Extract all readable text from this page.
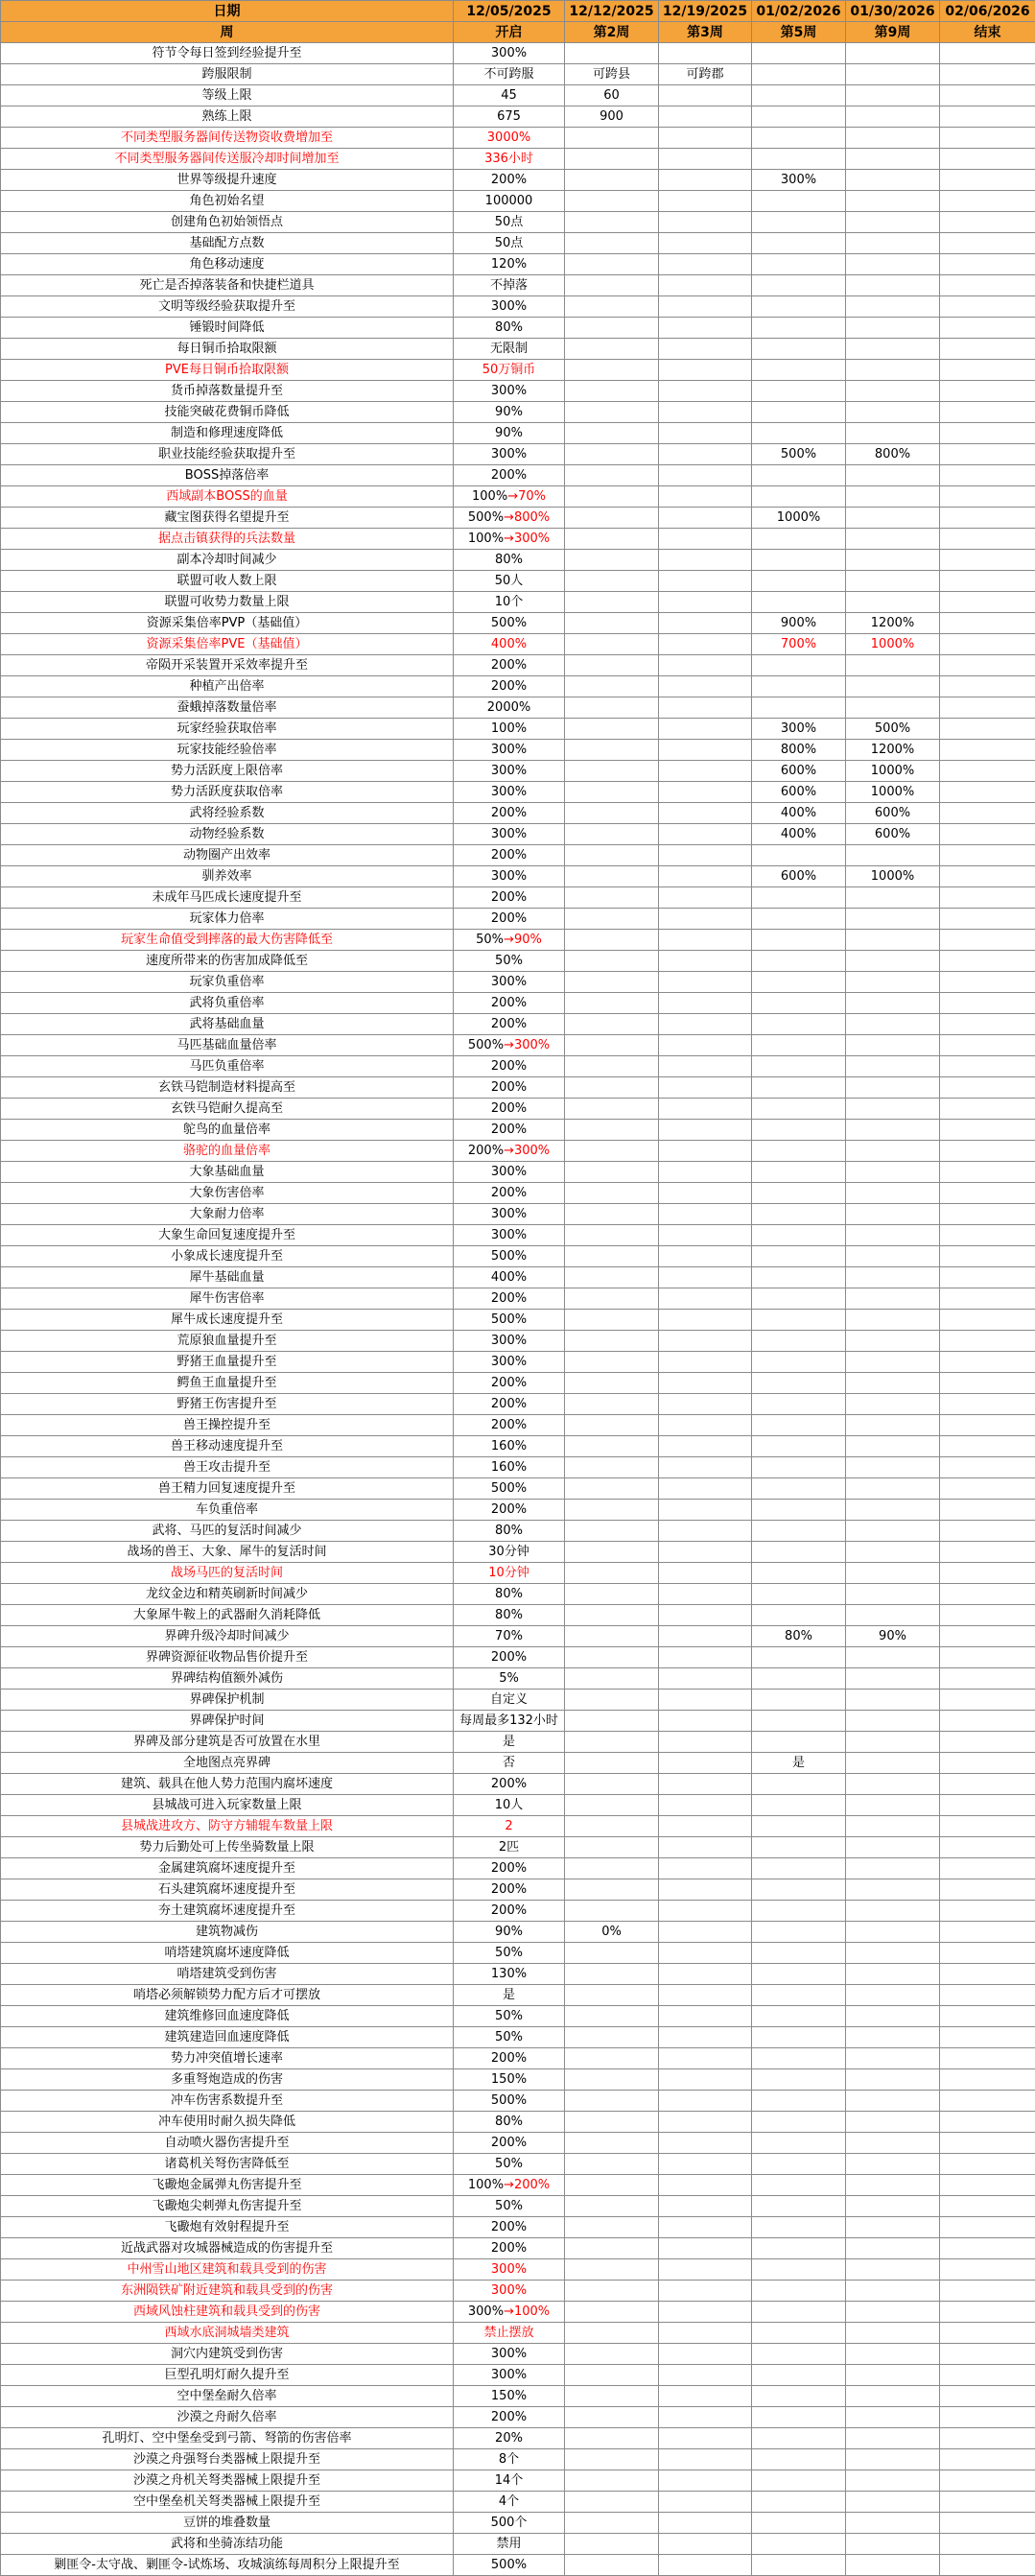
日期	12/05/2025	12/12/2025	12/19/2025	01/02/2026	01/30/2026	02/06/2026
周	开启	第2周	第3周	第5周	第9周	结束
符节令每日签到经验提升至	300%					
跨服限制	不可跨服	可跨县	可跨郡			
等级上限	45	60				
熟练上限	675	900				
不同类型服务器间传送物资收费增加至	3000%					
不同类型服务器间传送服冷却时间增加至	336小时					
世界等级提升速度	200%			300%		
角色初始名望	100000					
创建角色初始领悟点	50点					
基础配方点数	50点					
角色移动速度	120%					
死亡是否掉落装备和快捷栏道具	不掉落					
文明等级经验获取提升至	300%					
锤锻时间降低	80%					
每日铜币拾取限额	无限制					
PVE每日铜币拾取限额	50万铜币					
货币掉落数量提升至	300%					
技能突破花费铜币降低	90%					
制造和修理速度降低	90%					
职业技能经验获取提升至	300%			500%	800%	
BOSS掉落倍率	200%					
西域副本BOSS的血量	100%→70%					
藏宝图获得名望提升至	500%→800%			1000%		
据点击镇获得的兵法数量	100%→300%					
副本冷却时间减少	80%					
联盟可收人数上限	50人					
联盟可收势力数量上限	10个					
资源采集倍率PVP（基础值）	500%			900%	1200%	
资源采集倍率PVE（基础值）	400%			700%	1000%	
帝陨开采装置开采效率提升至	200%					
种植产出倍率	200%					
蚕蛾掉落数量倍率	2000%					
玩家经验获取倍率	100%			300%	500%	
玩家技能经验倍率	300%			800%	1200%	
势力活跃度上限倍率	300%			600%	1000%	
势力活跃度获取倍率	300%			600%	1000%	
武将经验系数	200%			400%	600%	
动物经验系数	300%			400%	600%	
动物圈产出效率	200%					
驯养效率	300%			600%	1000%	
未成年马匹成长速度提升至	200%					
玩家体力倍率	200%					
玩家生命值受到摔落的最大伤害降低至	50%→90%					
速度所带来的伤害加成降低至	50%					
玩家负重倍率	300%					
武将负重倍率	200%					
武将基础血量	200%					
马匹基础血量倍率	500%→300%					
马匹负重倍率	200%					
玄铁马铠制造材料提高至	200%					
玄铁马铠耐久提高至	200%					
鸵鸟的血量倍率	200%					
骆驼的血量倍率	200%→300%					
大象基础血量	300%					
大象伤害倍率	200%					
大象耐力倍率	300%					
大象生命回复速度提升至	300%					
小象成长速度提升至	500%					
犀牛基础血量	400%					
犀牛伤害倍率	200%					
犀牛成长速度提升至	500%					
荒原狼血量提升至	300%					
野猪王血量提升至	300%					
鳄鱼王血量提升至	200%					
野猪王伤害提升至	200%					
兽王操控提升至	200%					
兽王移动速度提升至	160%					
兽王攻击提升至	160%					
兽王精力回复速度提升至	500%					
车负重倍率	200%					
武将、马匹的复活时间减少	80%					
战场的兽王、大象、犀牛的复活时间	30分钟					
战场马匹的复活时间	10分钟					
龙纹金边和精英刷新时间减少	80%					
大象犀牛鞍上的武器耐久消耗降低	80%					
界碑升级冷却时间减少	70%			80%	90%	
界碑资源征收物品售价提升至	200%					
界碑结构值额外减伤	5%					
界碑保护机制	自定义					
界碑保护时间	每周最多132小时					
界碑及部分建筑是否可放置在水里	是					
全地图点亮界碑	否			是		
建筑、载具在他人势力范围内腐坏速度	200%					
县城战可进入玩家数量上限	10人					
县城战进攻方、防守方辅辊车数量上限	2					
势力后勤处可上传坐骑数量上限	2匹					
金属建筑腐坏速度提升至	200%					
石头建筑腐坏速度提升至	200%					
夯土建筑腐坏速度提升至	200%					
建筑物减伤	90%	0%				
哨塔建筑腐坏速度降低	50%					
哨塔建筑受到伤害	130%					
哨塔必须解锁势力配方后才可摆放	是					
建筑维修回血速度降低	50%					
建筑建造回血速度降低	50%					
势力冲突值增长速率	200%					
多重弩炮造成的伤害	150%					
冲车伤害系数提升至	500%					
冲车使用时耐久损失降低	80%					
自动喷火器伤害提升至	200%					
诸葛机关弩伤害降低至	50%					
飞礮炮金属弹丸伤害提升至	100%→200%					
飞礮炮尖刺弹丸伤害提升至	50%					
飞礮炮有效射程提升至	200%					
近战武器对攻城器械造成的伤害提升至	200%					
中州雪山地区建筑和载具受到的伤害	300%					
东洲陨铁矿附近建筑和载具受到的伤害	300%					
西域风蚀柱建筑和载具受到的伤害	300%→100%					
西域水底洞城墙类建筑	禁止摆放					
洞穴内建筑受到伤害	300%					
巨型孔明灯耐久提升至	300%					
空中堡垒耐久倍率	150%					
沙漠之舟耐久倍率	200%					
孔明灯、空中堡垒受到弓箭、弩箭的伤害倍率	20%					
沙漠之舟强弩台类器械上限提升至	8个					
沙漠之舟机关弩类器械上限提升至	14个					
空中堡垒机关弩类器械上限提升至	4个					
豆饼的堆叠数量	500个					
武将和坐骑冻结功能	禁用					
剿匪令-太守战、剿匪令-试炼场、攻城演练每周积分上限提升至	500%					
